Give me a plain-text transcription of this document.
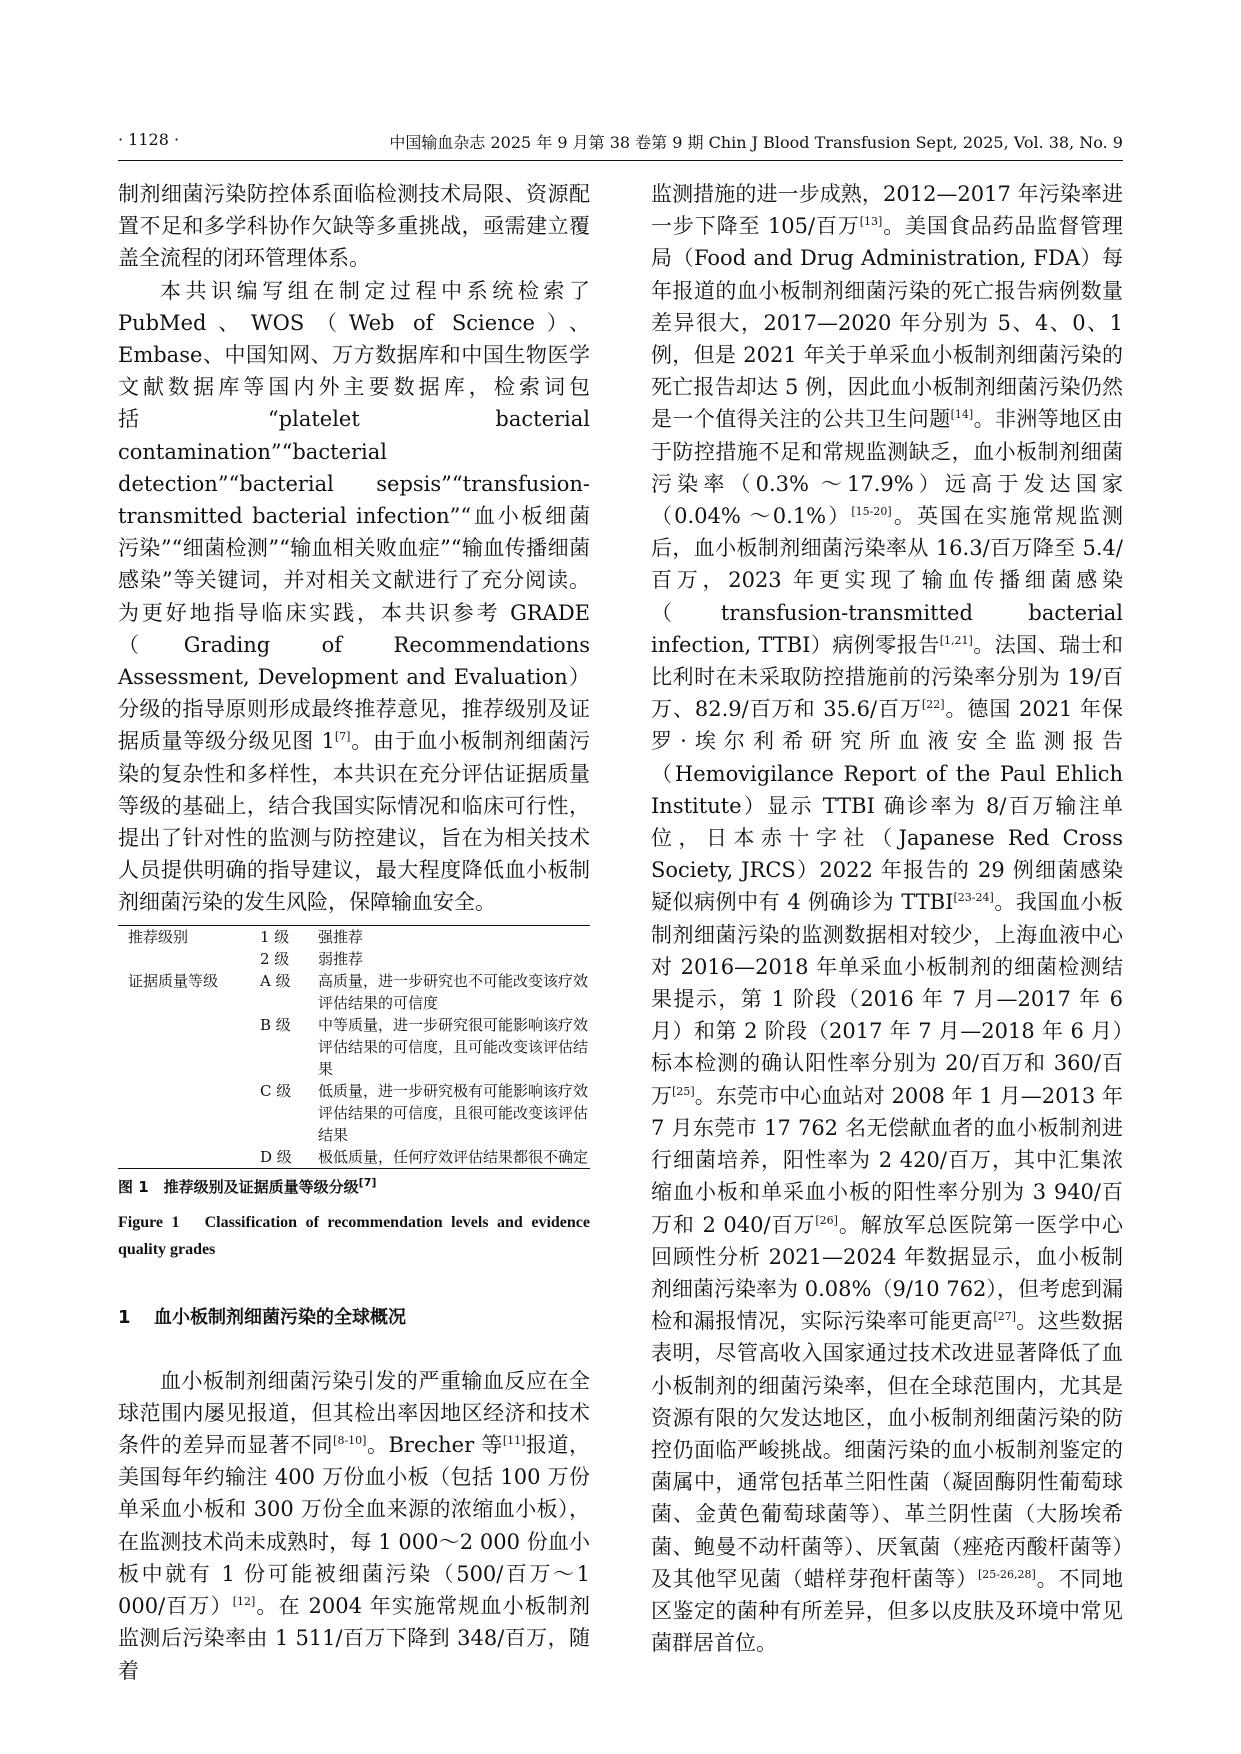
· 1128 ·	中国输血杂志 2025 年 9 月第 38 卷第 9 期 Chin J Blood Transfusion Sept, 2025, Vol. 38, No. 9

制剂细菌污染防控体系面临检测技术局限、资源配置不足和多学科协作欠缺等多重挑战，亟需建立覆盖全流程的闭环管理体系。

本共识编写组在制定过程中系统检索了 PubMed、WOS（Web of Science）、Embase、中国知网、万方数据库和中国生物医学文献数据库等国内外主要数据库，检索词包括“platelet bacterial contamination”“bacterial detection”“bacterial sepsis”“transfusion-transmitted bacterial infection”“血小板细菌污染”“细菌检测”“输血相关败血症”“输血传播细菌感染”等关键词，并对相关文献进行了充分阅读。为更好地指导临床实践，本共识参考 GRADE（Grading of Recommendations Assessment, Development and Evaluation）分级的指导原则形成最终推荐意见，推荐级别及证据质量等级分级见图 1[7]。由于血小板制剂细菌污染的复杂性和多样性，本共识在充分评估证据质量等级的基础上，结合我国实际情况和临床可行性，提出了针对性的监测与防控建议，旨在为相关技术人员提供明确的指导建议，最大程度降低血小板制剂细菌污染的发生风险，保障输血安全。

推荐级别	1 级	强推荐
	2 级	弱推荐
证据质量等级	A 级	高质量，进一步研究也不可能改变该疗效评估结果的可信度
	B 级	中等质量，进一步研究很可能影响该疗效评估结果的可信度，且可能改变该评估结果
	C 级	低质量，进一步研究极有可能影响该疗效评估结果的可信度，且很可能改变该评估结果
	D 级	极低质量，任何疗效评估结果都很不确定
图 1　推荐级别及证据质量等级分级[7]
Figure 1　Classification of recommendation levels and evidence quality grades
1 血小板制剂细菌污染的全球概况

血小板制剂细菌污染引发的严重输血反应在全球范围内屡见报道，但其检出率因地区经济和技术条件的差异而显著不同[8-10]。Brecher 等[11]报道，美国每年约输注 400 万份血小板（包括 100 万份单采血小板和 300 万份全血来源的浓缩血小板），在监测技术尚未成熟时，每 1 000～2 000 份血小板中就有 1 份可能被细菌污染（500/百万～1 000/百万）[12]。在 2004 年实施常规血小板制剂监测后污染率由 1 511/百万下降到 348/百万，随着

监测措施的进一步成熟，2012—2017 年污染率进一步下降至 105/百万[13]。美国食品药品监督管理局（Food and Drug Administration, FDA）每年报道的血小板制剂细菌污染的死亡报告病例数量差异很大，2017—2020 年分别为 5、4、0、1 例，但是 2021 年关于单采血小板制剂细菌污染的死亡报告却达 5 例，因此血小板制剂细菌污染仍然是一个值得关注的公共卫生问题[14]。非洲等地区由于防控措施不足和常规监测缺乏，血小板制剂细菌污染率（0.3% ～17.9%）远高于发达国家（0.04% ～0.1%）[15-20]。英国在实施常规监测后，血小板制剂细菌污染率从 16.3/百万降至 5.4/百万，2023 年更实现了输血传播细菌感染（transfusion-transmitted bacterial infection, TTBI）病例零报告[1,21]。法国、瑞士和比利时在未采取防控措施前的污染率分别为 19/百万、82.9/百万和 35.6/百万[22]。德国 2021 年保罗·埃尔利希研究所血液安全监测报告（Hemovigilance Report of the Paul Ehlich Institute）显示 TTBI 确诊率为 8/百万输注单位，日本赤十字社（Japanese Red Cross Society, JRCS）2022 年报告的 29 例细菌感染疑似病例中有 4 例确诊为 TTBI[23-24]。我国血小板制剂细菌污染的监测数据相对较少，上海血液中心对 2016—2018 年单采血小板制剂的细菌检测结果提示，第 1 阶段（2016 年 7 月—2017 年 6 月）和第 2 阶段（2017 年 7 月—2018 年 6 月）标本检测的确认阳性率分别为 20/百万和 360/百万[25]。东莞市中心血站对 2008 年 1 月—2013 年 7 月东莞市 17 762 名无偿献血者的血小板制剂进行细菌培养，阳性率为 2 420/百万，其中汇集浓缩血小板和单采血小板的阳性率分别为 3 940/百万和 2 040/百万[26]。解放军总医院第一医学中心回顾性分析 2021—2024 年数据显示，血小板制剂细菌污染率为 0.08%（9/10 762），但考虑到漏检和漏报情况，实际污染率可能更高[27]。这些数据表明，尽管高收入国家通过技术改进显著降低了血小板制剂的细菌污染率，但在全球范围内，尤其是资源有限的欠发达地区，血小板制剂细菌污染的防控仍面临严峻挑战。细菌污染的血小板制剂鉴定的菌属中，通常包括革兰阳性菌（凝固酶阴性葡萄球菌、金黄色葡萄球菌等）、革兰阴性菌（大肠埃希菌、鲍曼不动杆菌等）、厌氧菌（痤疮丙酸杆菌等）及其他罕见菌（蜡样芽孢杆菌等）[25-26,28]。不同地区鉴定的菌种有所差异，但多以皮肤及环境中常见菌群居首位。
